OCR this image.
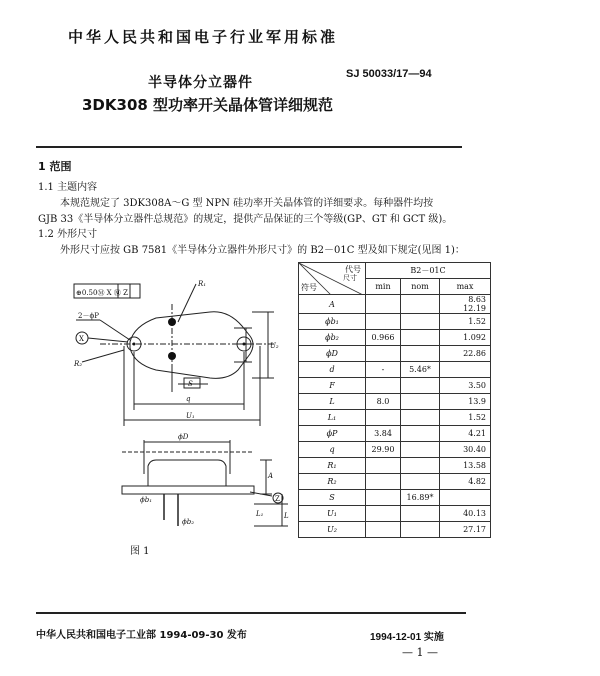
中华人民共和国电子行业军用标准
半导体分立器件
3DK308 型功率开关晶体管详细规范
SJ 50033/17—94
1 范围
1.1 主题内容
本规范规定了 3DK308A～G 型 NPN 硅功率开关晶体管的详细要求。每种器件均按
GJB 33《半导体分立器件总规范》的规定，提供产品保证的三个等级(GP、GT 和 GCT 级)。
1.2 外形尺寸
外形尺寸应按 GB 7581《半导体分立器件外形尺寸》的 B2－01C 型及如下规定(见图 1)：
⊕0.50Ⓜ X Ⓜ Z
2－ϕP
X
R₁
R₂
S
q
U₁
U₂
ϕD
A
Z
L
L₁
ϕb₁
ϕb₂
图 1
代号
尺寸
符号	B2－01C		
	min	nom	max
A			8.63
12.19
ϕb₁			1.52
ϕb₂	0.966		1.092
ϕD			22.86
d	-	5.46*	
F			3.50
L	8.0		13.9
L₁			1.52
ϕP	3.84		4.21
q	29.90		30.40
R₁			13.58
R₂			4.82
S		16.89*	
U₁			40.13
U₂			27.17
中华人民共和国电子工业部 1994-09-30 发布	1994-12-01 实施
— 1 —
